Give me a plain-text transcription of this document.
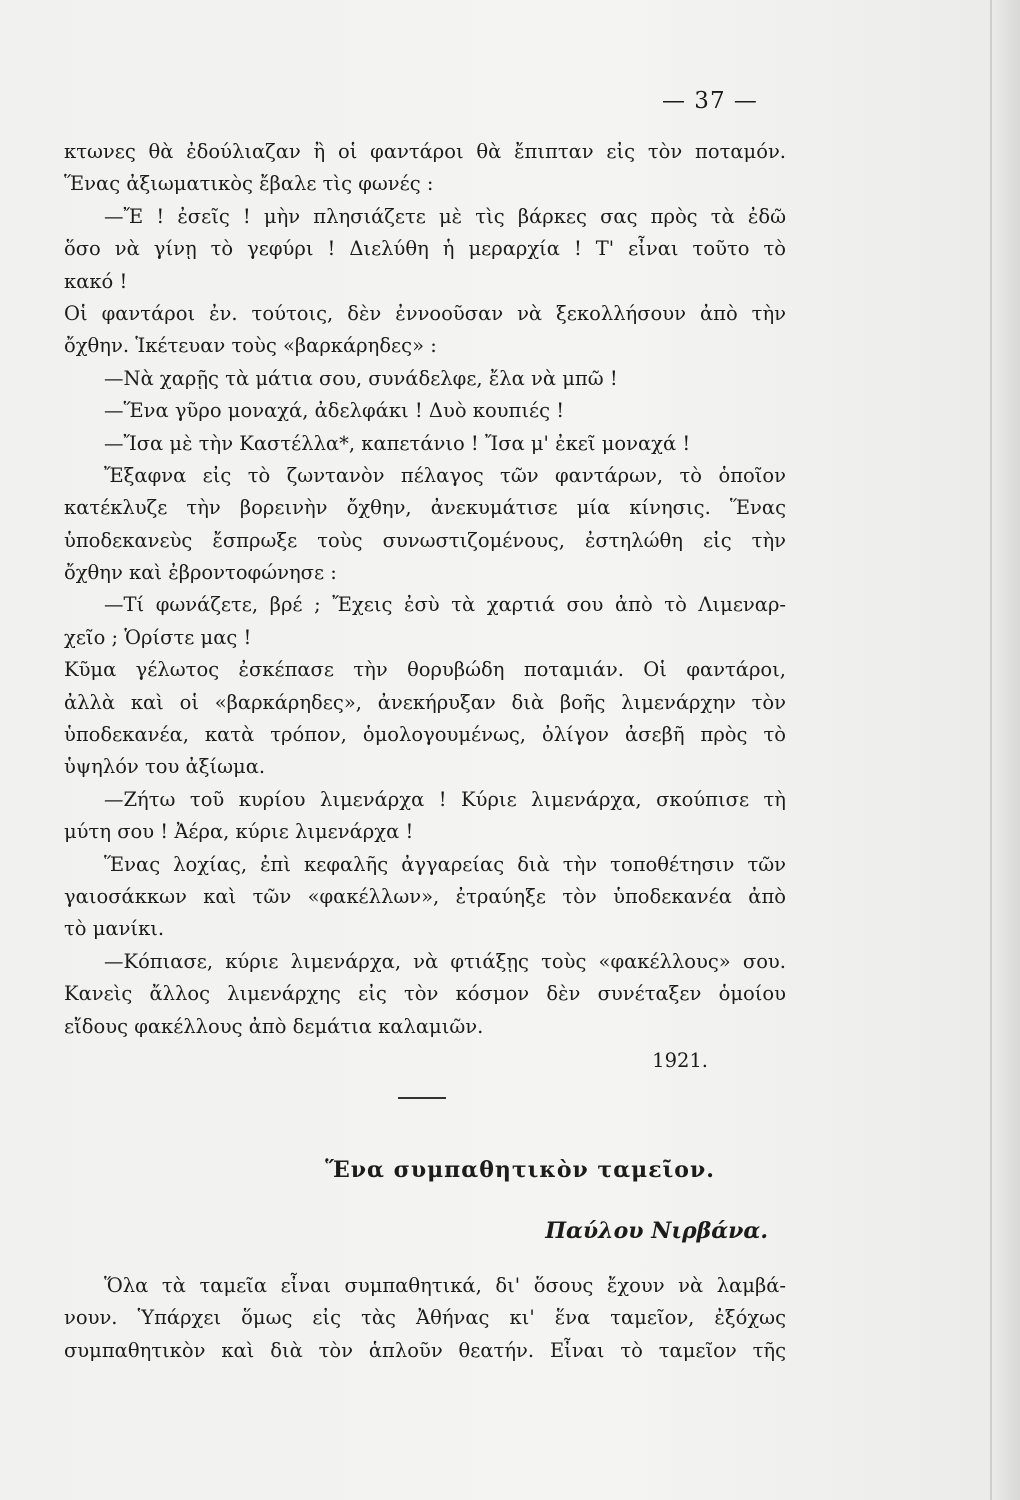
— 37 —
κτωνες θὰ ἐδούλιαζαν ἢ οἱ φαντάροι θὰ ἔπιπταν εἰς τὸν ποταμόν.
Ἕνας ἀξιωματικὸς ἔβαλε τὶς φωνές :
—Ἔ ! ἐσεῖς ! μὴν πλησιάζετε μὲ τὶς βάρκες σας πρὸς τὰ ἐδῶ
ὅσο νὰ γίνῃ τὸ γεφύρι ! Διελύθη ἡ μεραρχία ! Τ' εἶναι τοῦτο τὸ
κακό !
Οἱ φαντάροι ἐν. τούτοις, δὲν ἐννοοῦσαν νὰ ξεκολλήσουν ἀπὸ τὴν
ὄχθην. Ἱκέτευαν τοὺς «βαρκάρηδες» :
—Νὰ χαρῇς τὰ μάτια σου, συνάδελφε, ἔλα νὰ μπῶ !
—Ἕνα γῦρο μοναχά, ἀδελφάκι ! Δυὸ κουπιές !
—Ἴσα μὲ τὴν Καστέλλα*, καπετάνιο ! Ἴσα μ' ἐκεῖ μοναχά !
Ἔξαφνα εἰς τὸ ζωντανὸν πέλαγος τῶν φαντάρων, τὸ ὁποῖον
κατέκλυζε τὴν βορεινὴν ὄχθην, ἀνεκυμάτισε μία κίνησις. Ἕνας
ὑποδεκανεὺς ἔσπρωξε τοὺς συνωστιζομένους, ἐστηλώθη εἰς τὴν
ὄχθην καὶ ἐβροντοφώνησε :
—Τί φωνάζετε, βρέ ; Ἔχεις ἐσὺ τὰ χαρτιά σου ἀπὸ τὸ Λιμεναρ-
χεῖο ; Ὁρίστε μας !
Κῦμα γέλωτος ἐσκέπασε τὴν θορυβώδη ποταμιάν. Οἱ φαντάροι,
ἀλλὰ καὶ οἱ «βαρκάρηδες», ἀνεκήρυξαν διὰ βοῆς λιμενάρχην τὸν
ὑποδεκανέα, κατὰ τρόπον, ὁμολογουμένως, ὀλίγον ἀσεβῆ πρὸς τὸ
ὑψηλόν του ἀξίωμα.
—Ζήτω τοῦ κυρίου λιμενάρχα ! Κύριε λιμενάρχα, σκούπισε τὴ
μύτη σου ! Ἀέρα, κύριε λιμενάρχα !
Ἕνας λοχίας, ἐπὶ κεφαλῆς ἀγγαρείας διὰ τὴν τοποθέτησιν τῶν
γαιοσάκκων καὶ τῶν «φακέλλων», ἐτραύηξε τὸν ὑποδεκανέα ἀπὸ
τὸ μανίκι.
—Κόπιασε, κύριε λιμενάρχα, νὰ φτιάξῃς τοὺς «φακέλλους» σου.
Κανεὶς ἄλλος λιμενάρχης εἰς τὸν κόσμον δὲν συνέταξεν ὁμοίου
εἴδους φακέλλους ἀπὸ δεμάτια καλαμιῶν.
1921.
Ἕνα συμπαθητικὸν ταμεῖον.
Παύλου Νιρβάνα.
Ὅλα τὰ ταμεῖα εἶναι συμπαθητικά, δι' ὅσους ἔχουν νὰ λαμβά-
νουν. Ὑπάρχει ὅμως εἰς τὰς Ἀθήνας κι' ἕνα ταμεῖον, ἐξόχως
συμπαθητικὸν καὶ διὰ τὸν ἁπλοῦν θεατήν. Εἶναι τὸ ταμεῖον τῆς
